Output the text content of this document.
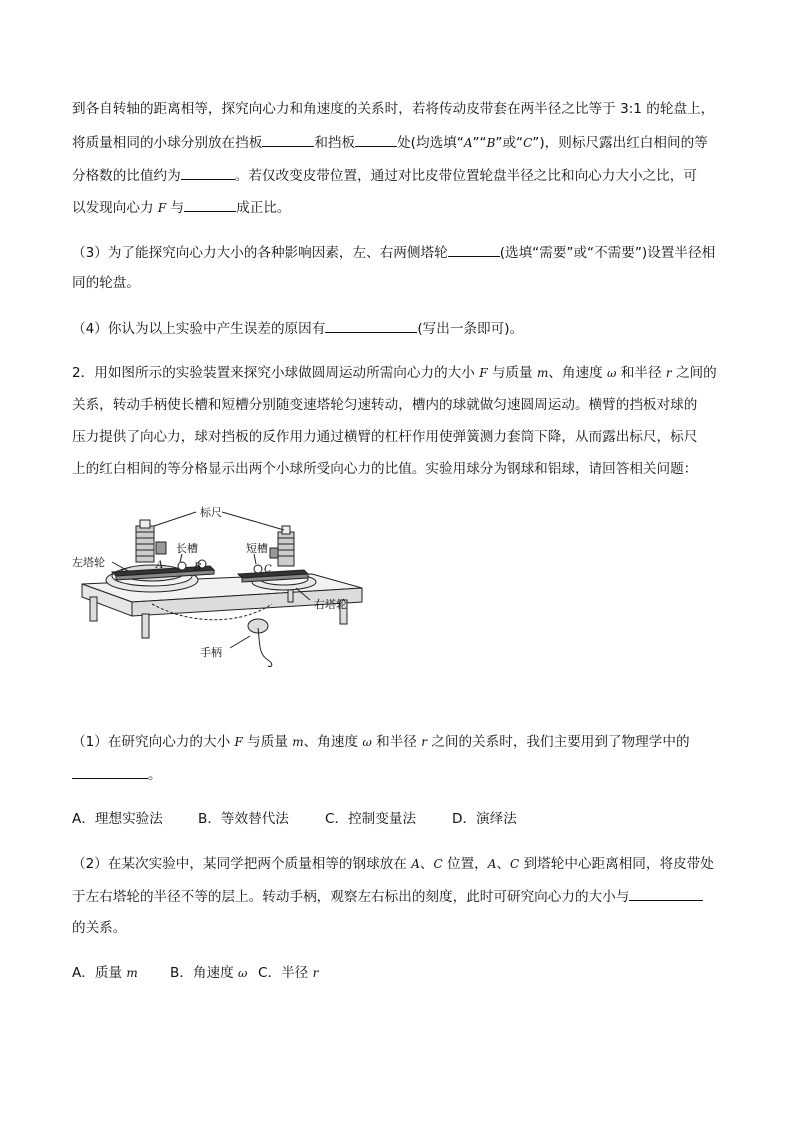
到各自转轴的距离相等，探究向心力和角速度的关系时，若将传动皮带套在两半径之比等于 3:1 的轮盘上，
将质量相同的小球分别放在挡板	和挡板	处(均选填“A”“B”或“C”)，则标尺露出红白相间的等
分格数的比值约为	。若仅改变皮带位置，通过对比皮带位置轮盘半径之比和向心力大小之比，可
以发现向心力 F 与	成正比。
（3）为了能探究向心力大小的各种影响因素，左、右两侧塔轮	(选填“需要”或“不需要”)设置半径相
同的轮盘。
（4）你认为以上实验中产生误差的原因有	(写出一条即可)。
2．用如图所示的实验装置来探究小球做圆周运动所需向心力的大小 F 与质量 m、角速度 ω 和半径 r 之间的
关系，转动手柄使长槽和短槽分别随变速塔轮匀速转动，槽内的球就做匀速圆周运动。横臂的挡板对球的
压力提供了向心力，球对挡板的反作用力通过横臂的杠杆作用使弹簧测力套筒下降，从而露出标尺，标尺
上的红白相间的等分格显示出两个小球所受向心力的比值。实验用球分为钢球和铝球，请回答相关问题：
（1）在研究向心力的大小 F 与质量 m、角速度 ω 和半径 r 之间的关系时，我们主要用到了物理学中的
。
A．理想实验法	B．等效替代法	C．控制变量法	D．演绎法
（2）在某次实验中，某同学把两个质量相等的钢球放在 A、C 位置，A、C 到塔轮中心距离相同，将皮带处
于左右塔轮的半径不等的层上。转动手柄，观察左右标出的刻度，此时可研究向心力的大小与
的关系。
A．质量 m B．角速度 ω C．半径 r
标尺
长槽	短槽
左塔轮
右塔轮
手柄
A	B	C
